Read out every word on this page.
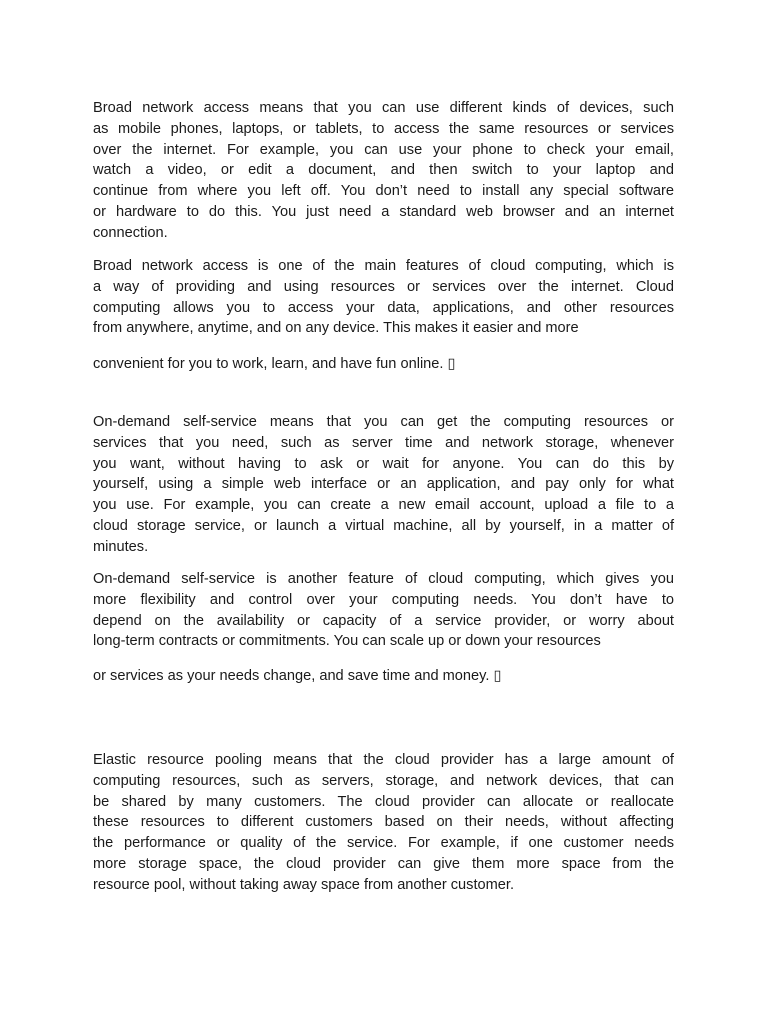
Broad network access means that you can use different kinds of devices, such
as mobile phones, laptops, or tablets, to access the same resources or services
over the internet. For example, you can use your phone to check your email,
watch a video, or edit a document, and then switch to your laptop and
continue from where you left off. You don’t need to install any special software
or hardware to do this. You just need a standard web browser and an internet
connection.
Broad network access is one of the main features of cloud computing, which is
a way of providing and using resources or services over the internet. Cloud
computing allows you to access your data, applications, and other resources
from anywhere, anytime, and on any device. This makes it easier and more
convenient for you to work, learn, and have fun online. ▯
On-demand self-service means that you can get the computing resources or
services that you need, such as server time and network storage, whenever
you want, without having to ask or wait for anyone. You can do this by
yourself, using a simple web interface or an application, and pay only for what
you use. For example, you can create a new email account, upload a file to a
cloud storage service, or launch a virtual machine, all by yourself, in a matter of
minutes.
On-demand self-service is another feature of cloud computing, which gives you
more flexibility and control over your computing needs. You don’t have to
depend on the availability or capacity of a service provider, or worry about
long-term contracts or commitments. You can scale up or down your resources
or services as your needs change, and save time and money. ▯
Elastic resource pooling means that the cloud provider has a large amount of
computing resources, such as servers, storage, and network devices, that can
be shared by many customers. The cloud provider can allocate or reallocate
these resources to different customers based on their needs, without affecting
the performance or quality of the service. For example, if one customer needs
more storage space, the cloud provider can give them more space from the
resource pool, without taking away space from another customer.
